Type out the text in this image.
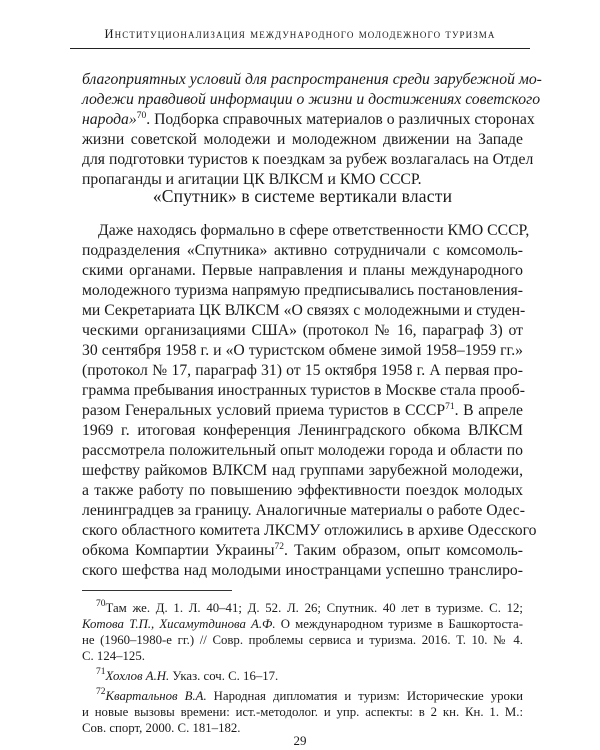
Институционализация международного молодежного туризма
благоприятных условий для распространения среди зарубежной мо-
лодежи правдивой информации о жизни и достижениях советского
народа»$^{70}$. Подборка справочных материалов о различных сторонах
жизни советской молодежи и молодежном движении на Западе
для подготовки туристов к поездкам за рубеж возлагалась на Отдел
пропаганды и агитации ЦК ВЛКСМ и КМО СССР.
«Спутник» в системе вертикали власти
Даже находясь формально в сфере ответственности КМО СССР,
подразделения «Спутника» активно сотрудничали с комсомоль-
скими органами. Первые направления и планы международного
молодежного туризма напрямую предписывались постановления-
ми Секретариата ЦК ВЛКСМ «О связях с молодежными и студен-
ческими организациями США» (протокол № 16, параграф 3) от
30 сентября 1958 г. и «О туристском обмене зимой 1958–1959 гг.»
(протокол № 17, параграф 31) от 15 октября 1958 г. А первая про-
грамма пребывания иностранных туристов в Москве стала прооб-
разом Генеральных условий приема туристов в СССР$^{71}$. В апреле
1969 г. итоговая конференция Ленинградского обкома ВЛКСМ
рассмотрела положительный опыт молодежи города и области по
шефству райкомов ВЛКСМ над группами зарубежной молодежи,
а также работу по повышению эффективности поездок молодых
ленинградцев за границу. Аналогичные материалы о работе Одес-
ского областного комитета ЛКСМУ отложились в архиве Одесского
обкома Компартии Украины$^{72}$. Таким образом, опыт комсомоль-
ского шефства над молодыми иностранцами успешно транслиро-
$^{70}$Там же. Д. 1. Л. 40–41; Д. 52. Л. 26; Спутник. 40 лет в туризме. С. 12;
Котова Т.П., Хисамутдинова А.Ф. О международном туризме в Башкортоста-
не (1960–1980-е гг.) // Совр. проблемы сервиса и туризма. 2016. Т. 10. № 4.
С. 124–125.
$^{71}$Хохлов А.Н. Указ. соч. С. 16–17.
$^{72}$Квартальнов В.А. Народная дипломатия и туризм: Исторические уроки
и новые вызовы времени: ист.-методолог. и упр. аспекты: в 2 кн. Кн. 1. М.:
Сов. спорт, 2000. С. 181–182.
29
